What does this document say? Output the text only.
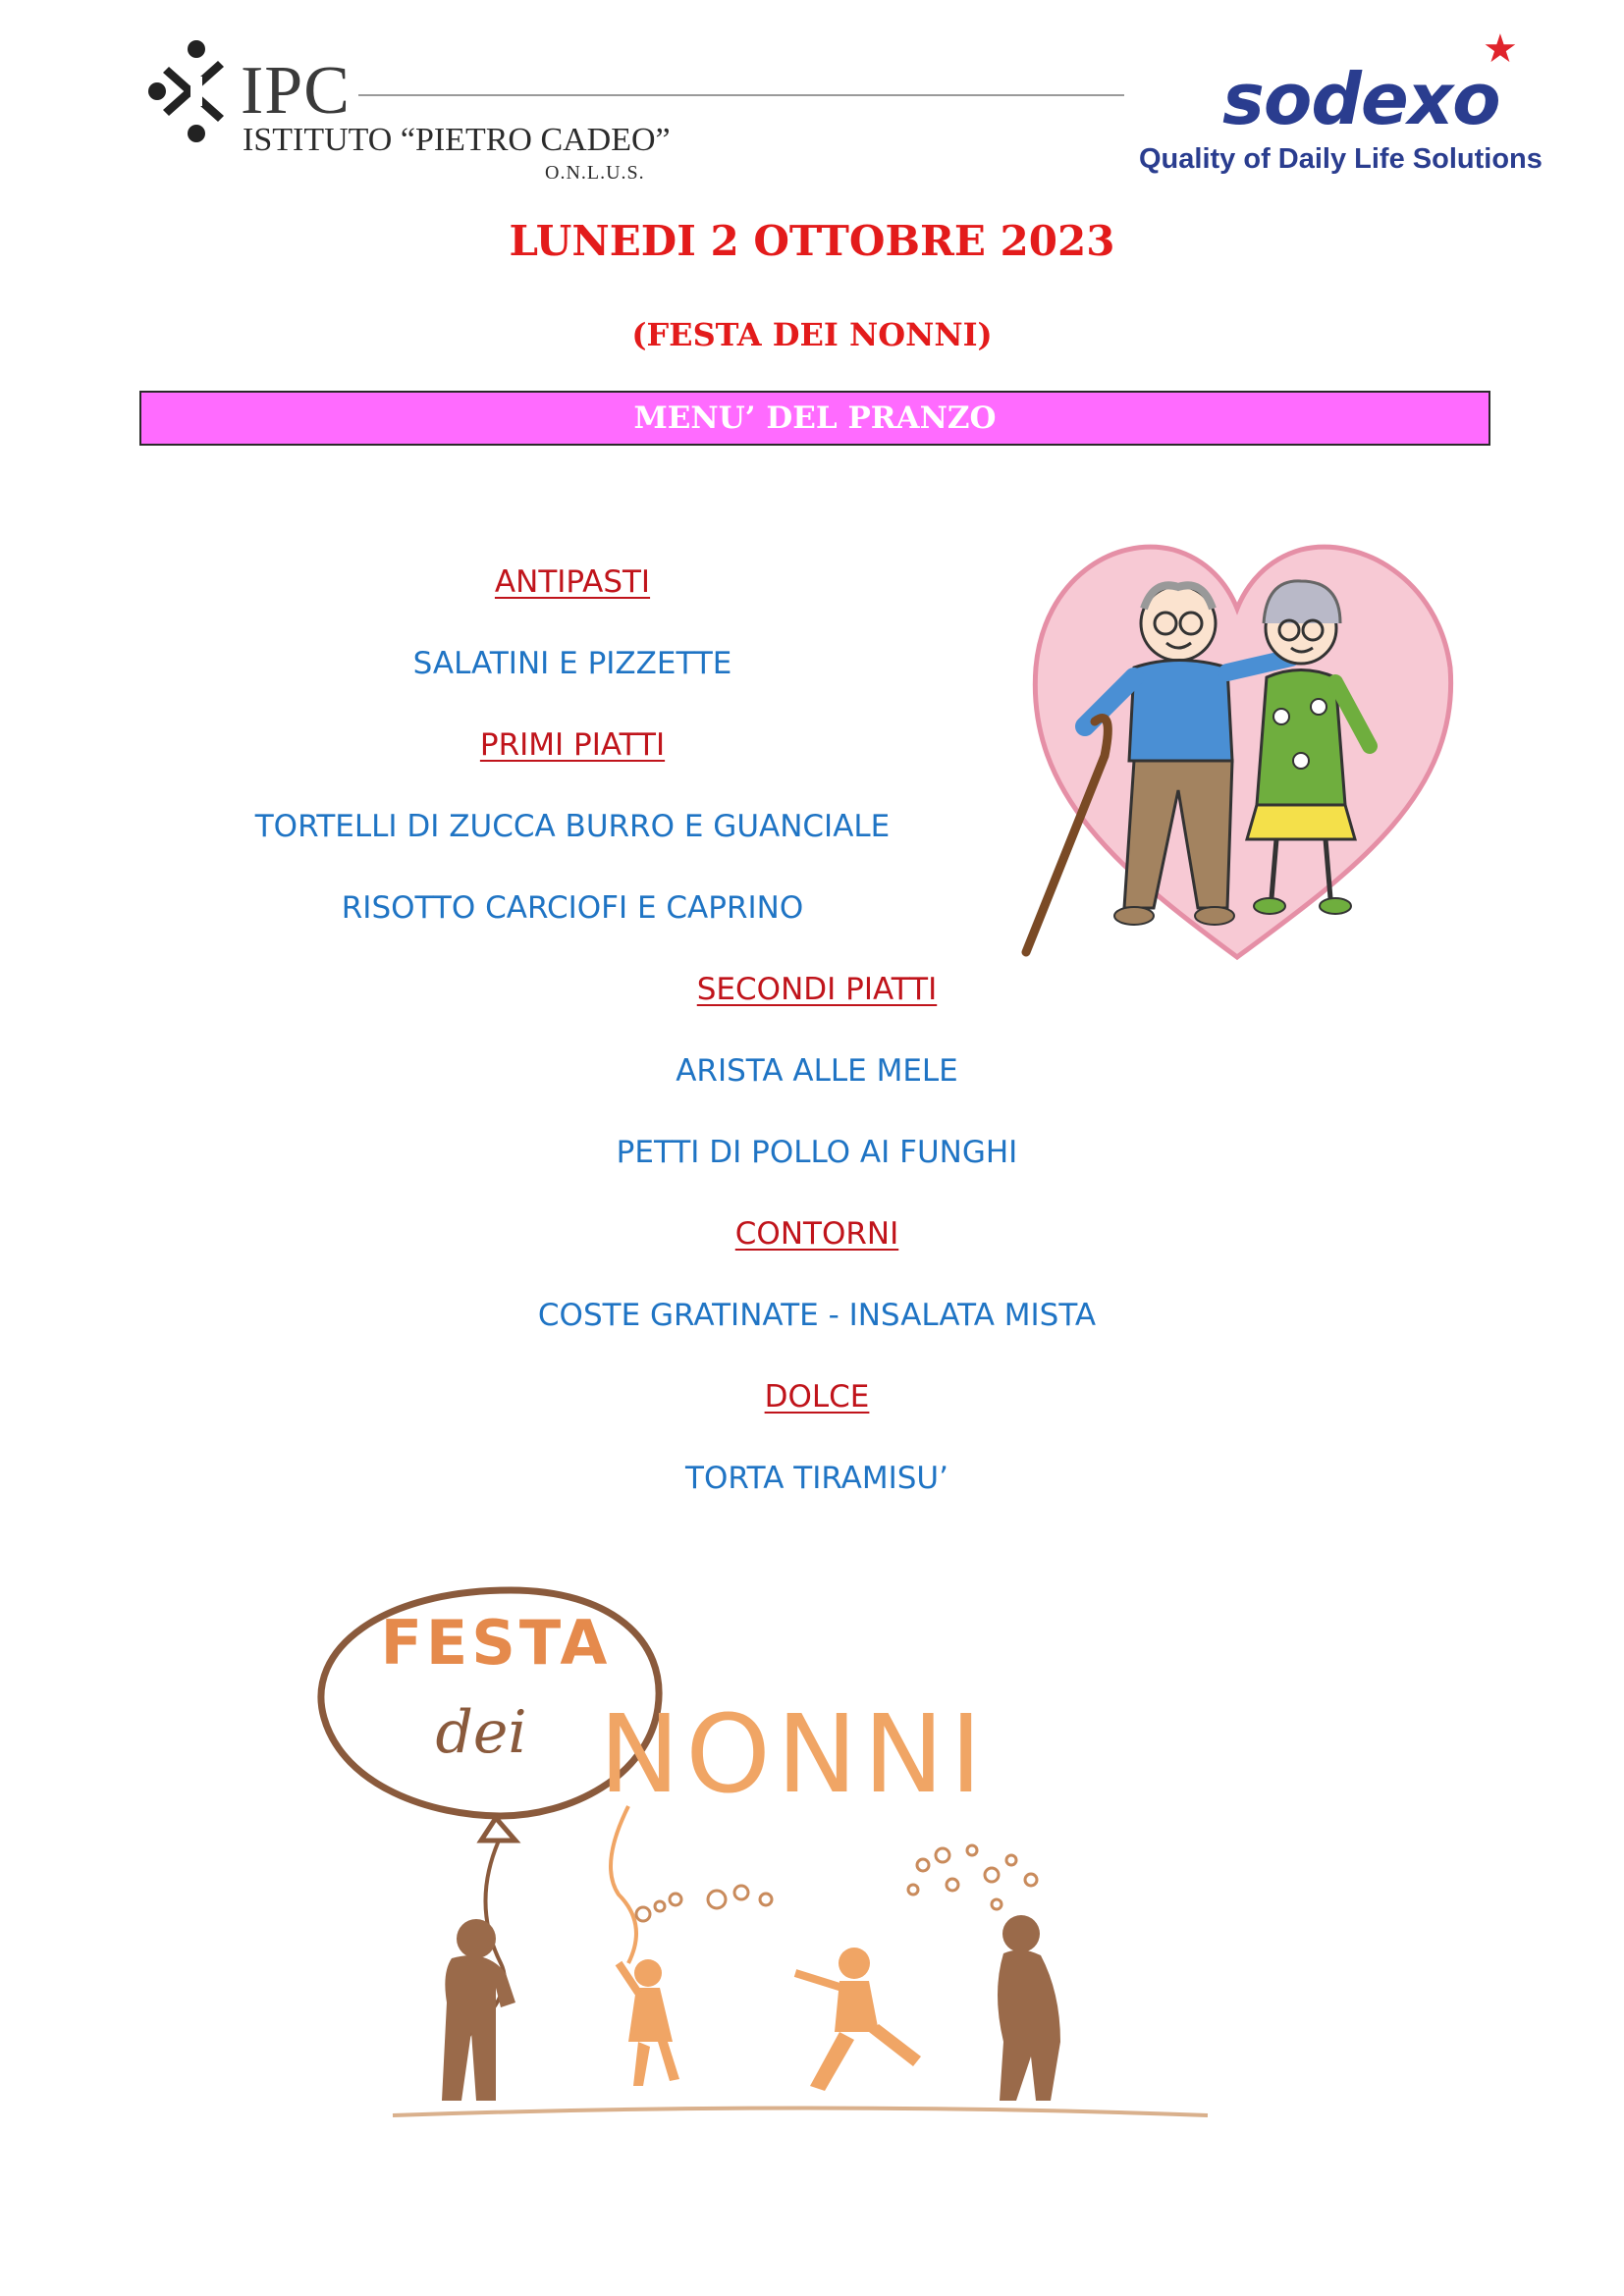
IPC
ISTITUTO “PIETRO CADEO”
O.N.L.U.S.
sodexo
★
Quality of Daily Life Solutions
LUNEDI 2 OTTOBRE 2023
(FESTA DEI NONNI)
MENU’ DEL PRANZO
ANTIPASTI
SALATINI E PIZZETTE
PRIMI PIATTI
TORTELLI DI ZUCCA BURRO E GUANCIALE
RISOTTO CARCIOFI E CAPRINO
SECONDI PIATTI
ARISTA ALLE MELE
PETTI DI POLLO AI FUNGHI
CONTORNI
COSTE GRATINATE - INSALATA MISTA
DOLCE
TORTA TIRAMISU’
FESTA
dei NONNI
